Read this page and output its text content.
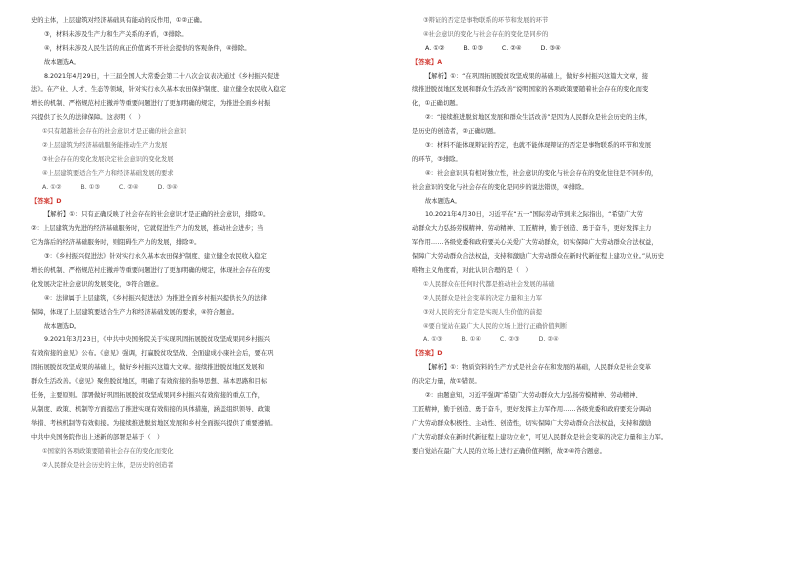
史的主体，上层建筑对经济基础具有能动的反作用，①②正确。
③，材料未涉及生产力和生产关系的矛盾，③排除。
④，材料未涉及人民生活的真正价值离不开社会提供的客观条件，④排除。
故本题选A。
8.2021年4月29日，十三届全国人大常委会第二十八次会议表决通过《乡村振兴促进
法》。在产业、人才、生态等领域，针对实行永久基本农田保护制度、建立健全农民收入稳定
增长的机制、严格规范村庄撤并等重要问题进行了更加明确的规定，为推进全面乡村振
兴提供了长久的法律保障。这表明（　）
①只有超越社会存在的社会意识才是正确的社会意识
②上层建筑为经济基础服务能推动生产力发展
③社会存在的变化发展决定社会意识的变化发展
④上层建筑要适合生产力和经济基础发展的要求
A. ①②　　　B. ①③　　　C. ②④　　　D. ③④
【答案】D
【解析】①：只有正确反映了社会存在的社会意识才是正确的社会意识，排除①。
②：上层建筑为先进的经济基础服务时，它就促进生产力的发展，推动社会进步；当
它为落后的经济基础服务时，则阻碍生产力的发展，排除②。
③：《乡村振兴促进法》针对实行永久基本农田保护制度、建立健全农民收入稳定
增长的机制、严格规范村庄撤并等重要问题进行了更加明确的规定，体现社会存在的变
化发展决定社会意识的发展变化，③符合题意。
④：法律属于上层建筑，《乡村振兴促进法》为推进全面乡村振兴提供长久的法律
保障，体现了上层建筑要适合生产力和经济基础发展的要求，④符合题意。
故本题选D。
9.2021年3月23日，《中共中央国务院关于实现巩固拓展脱贫攻坚成果同乡村振兴
有效衔接的意见》公布。《意见》强调，打赢脱贫攻坚战、全面建成小康社会后，要在巩
固拓展脱贫攻坚成果的基础上，做好乡村振兴这篇大文章。接续推进脱贫地区发展和
群众生活改善。《意见》聚焦脱贫地区，明确了有效衔接的指导思想、基本思路和目标
任务，主要原则。部署做好巩固拓展脱贫攻坚成果同乡村振兴有效衔接的重点工作，
从制度、政策、机制等方面提出了推进实现有效衔接的具体措施，涵盖组织领导、政策
举措、考核机制等有效衔接。为接续推进脱贫地区发展和乡村全面振兴提供了重要遵循。
中共中央国务院作出上述新的部署是基于（　）
①国家的各项政策要随着社会存在的变化而变化
②人民群众是社会历史的主体，是历史的创造者
③辩证的否定是事物联系的环节和发展的环节
④社会意识的变化与社会存在的变化是同步的
A. ①②　　　B. ①③　　　C. ②④　　　D. ③④
【答案】A
【解析】①：“在巩固拓展脱贫攻坚成果的基础上，做好乡村振兴这篇大文章，接
续推进脱贫地区发展和群众生活改善”说明国家的各项政策要随着社会存在的变化而变
化，①正确切题。
②：“接续推进脱贫地区发展和群众生活改善”是因为人民群众是社会历史的主体，
是历史的创造者，②正确切题。
③：材料不能体现辩证的否定，也就不能体现辩证的否定是事物联系的环节和发展
的环节，③排除。
④：社会意识具有相对独立性，社会意识的变化与社会存在的变化往往是不同步的，
社会意识的变化与社会存在的变化是同步的说法错误，④排除。
故本题选A。
10.2021年4月30日，习近平在“五一”国际劳动节到来之际指出，“希望广大劳
动群众大力弘扬劳模精神、劳动精神、工匠精神，勤于创造、勇于奋斗，更好发挥主力
军作用……各级党委和政府要关心关爱广大劳动群众，切实保障广大劳动群众合法权益，
保障广大劳动群众合法权益，支持和激励广大劳动群众在新时代新征程上建功立业。”从历史
唯物主义角度看，对此认识合理的是（　）
①人民群众在任何时代都是推动社会发展的基础
②人民群众是社会变革的决定力量和主力军
③对人民的充分肯定是实现人生价值的前提
④要自觉站在最广大人民的立场上进行正确价值判断
A. ①③　　　B. ①④　　　C. ②③　　　D. ②④
【答案】D
【解析】①：物质资料的生产方式是社会存在和发展的基础，人民群众是社会变革
的决定力量，故①错误。
②：由题意知，习近平强调“希望广大劳动群众大力弘扬劳模精神、劳动精神、
工匠精神，勤于创造、勇于奋斗，更好发挥主力军作用……各级党委和政府要充分调动
广大劳动群众积极性、主动性、创造性，切实保障广大劳动群众合法权益，支持和激励
广大劳动群众在新时代新征程上建功立业”，可见人民群众是社会变革的决定力量和主力军。
要自觉站在最广大人民的立场上进行正确价值判断，故②④符合题意。
